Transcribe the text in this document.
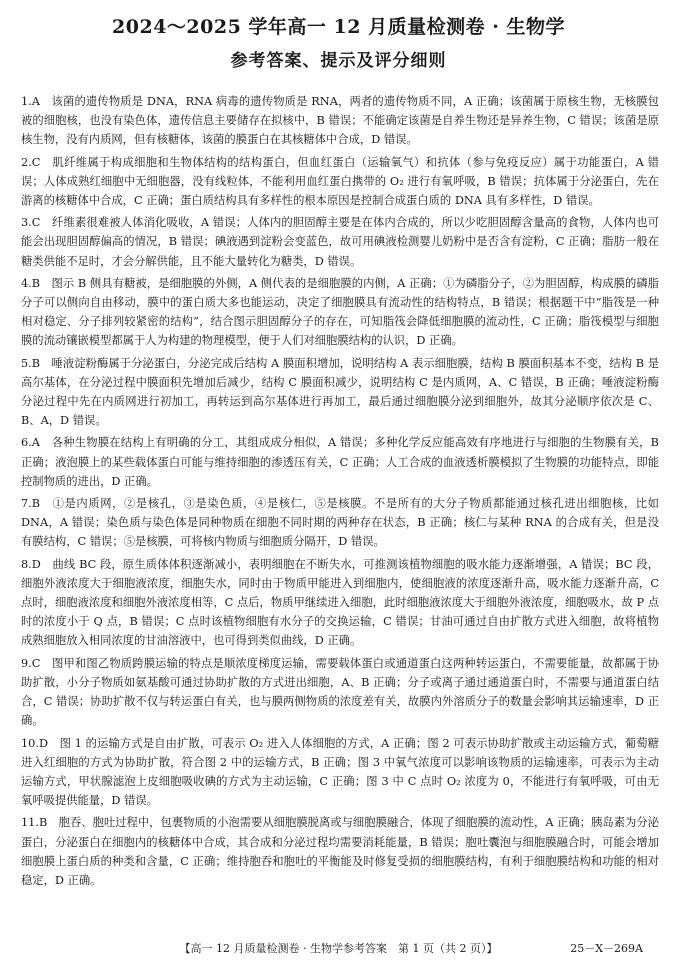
2024～2025 学年高一 12 月质量检测卷 · 生物学
参考答案、提示及评分细则

1.A　 该菌的遗传物质是 DNA，RNA 病毒的遗传物质是 RNA，两者的遗传物质不同，A 正确；该菌属于原核生物，无核膜包被的细胞核，也没有染色体，遗传信息主要储存在拟核中，B 错误；不能确定该菌是自养生物还是异养生物，C 错误；该菌是原核生物，没有内质网，但有核糖体，该菌的膜蛋白在其核糖体中合成，D 错误。

2.C　 肌纤维属于构成细胞和生物体结构的结构蛋白，但血红蛋白（运输氧气）和抗体（参与免疫反应）属于功能蛋白，A 错误；人体成熟红细胞中无细胞器，没有线粒体，不能利用血红蛋白携带的 O₂ 进行有氧呼吸，B 错误；抗体属于分泌蛋白，先在游离的核糖体中合成，C 正确；蛋白质结构具有多样性的根本原因是控制合成蛋白质的 DNA 具有多样性，D 错误。

3.C　 纤维素很难被人体消化吸收，A 错误；人体内的胆固醇主要是在体内合成的，所以少吃胆固醇含量高的食物，人体内也可能会出现胆固醇偏高的情况，B 错误；碘液遇到淀粉会变蓝色，故可用碘液检测婴儿奶粉中是否含有淀粉，C 正确；脂肪一般在糖类供能不足时，才会分解供能，且不能大量转化为糖类，D 错误。

4.B　 图示 B 侧具有糖被，是细胞膜的外侧，A 侧代表的是细胞膜的内侧，A 正确；①为磷脂分子，②为胆固醇，构成膜的磷脂分子可以侧向自由移动，膜中的蛋白质大多也能运动，决定了细胞膜具有流动性的结构特点，B 错误；根据题干中“脂筏是一种相对稳定、分子排列较紧密的结构”，结合图示胆固醇分子的存在，可知脂筏会降低细胞膜的流动性，C 正确；脂筏模型与细胞膜的流动镶嵌模型都属于人为构建的物理模型，便于人们对细胞膜结构的认识，D 正确。

5.B　 唾液淀粉酶属于分泌蛋白，分泌完成后结构 A 膜面积增加，说明结构 A 表示细胞膜，结构 B 膜面积基本不变，结构 B 是高尔基体，在分泌过程中膜面积先增加后减少，结构 C 膜面积减少，说明结构 C 是内质网，A、C 错误，B 正确；唾液淀粉酶分泌过程中先在内质网进行初加工，再转运到高尔基体进行再加工，最后通过细胞膜分泌到细胞外，故其分泌顺序依次是 C、B、A，D 错误。

6.A　 各种生物膜在结构上有明确的分工，其组成成分相似，A 错误；多种化学反应能高效有序地进行与细胞的生物膜有关，B 正确；液泡膜上的某些载体蛋白可能与维持细胞的渗透压有关，C 正确；人工合成的血液透析膜模拟了生物膜的功能特点，即能控制物质的进出，D 正确。

7.B　 ①是内质网，②是核孔，③是染色质，④是核仁，⑤是核膜。不是所有的大分子物质都能通过核孔进出细胞核，比如 DNA，A 错误；染色质与染色体是同种物质在细胞不同时期的两种存在状态，B 正确；核仁与某种 RNA 的合成有关，但是没有膜结构，C 错误；⑤是核膜，可将核内物质与细胞质分隔开，D 错误。

8.D　 曲线 BC 段，原生质体体积逐渐减小，表明细胞在不断失水，可推测该植物细胞的吸水能力逐渐增强，A 错误；BC 段，细胞外液浓度大于细胞液浓度，细胞失水，同时由于物质甲能进入到细胞内，使细胞液的浓度逐渐升高，吸水能力逐渐升高，C 点时，细胞液浓度和细胞外液浓度相等，C 点后，物质甲继续进入细胞，此时细胞液浓度大于细胞外液浓度，细胞吸水，故 P 点时的浓度小于 Q 点，B 错误；C 点时该植物细胞有水分子的交换运输，C 错误；甘油可通过自由扩散方式进入细胞，故将植物成熟细胞放入相同浓度的甘油溶液中，也可得到类似曲线，D 正确。

9.C　 图甲和图乙物质跨膜运输的特点是顺浓度梯度运输，需要载体蛋白或通道蛋白这两种转运蛋白，不需要能量，故都属于协助扩散，小分子物质如氨基酸可通过协助扩散的方式进出细胞，A、B 正确；分子或离子通过通道蛋白时，不需要与通道蛋白结合，C 错误；协助扩散不仅与转运蛋白有关，也与膜两侧物质的浓度差有关，故膜内外溶质分子的数量会影响其运输速率，D 正确。

10.D　 图 1 的运输方式是自由扩散，可表示 O₂ 进入人体细胞的方式，A 正确；图 2 可表示协助扩散或主动运输方式，葡萄糖进入红细胞的方式为协助扩散，符合图 2 中的运输方式，B 正确；图 3 中氧气浓度可以影响该物质的运输速率，可表示为主动运输方式，甲状腺滤泡上皮细胞吸收碘的方式为主动运输，C 正确；图 3 中 C 点时 O₂ 浓度为 0，不能进行有氧呼吸，可由无氧呼吸提供能量，D 错误。

11.B　 胞吞、胞吐过程中，包裹物质的小泡需要从细胞膜脱离或与细胞膜融合，体现了细胞膜的流动性，A 正确；胰岛素为分泌蛋白，分泌蛋白在细胞内的核糖体中合成，其合成和分泌过程均需要消耗能量，B 错误；胞吐囊泡与细胞膜融合时，可能会增加细胞膜上蛋白质的种类和含量，C 正确；维持胞吞和胞吐的平衡能及时修复受损的细胞膜结构，有利于细胞膜结构和功能的相对稳定，D 正确。

【高一 12 月质量检测卷 · 生物学参考答案　第 1 页（共 2 页）】	25－X－269A
